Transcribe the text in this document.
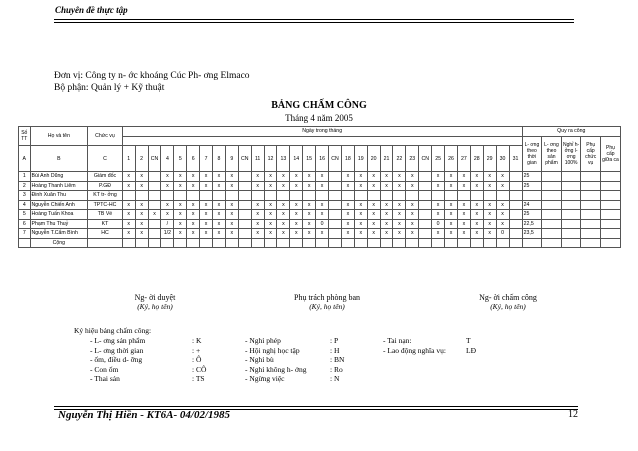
Chuyên đề thực tập
Đơn vị: Công ty n- ớc khoáng Cúc Ph- ơng Elmaco
Bộ phận: Quản lý + Kỹ thuật
BẢNG CHẤM CÔNG
Tháng 4 năm 2005
Số TT	Họ và tên	Chức vụ	Ngày trong tháng																															Quy ra công				
																																		L- ơng theo thời gian	L- ơng theo sản phẩm	Nghỉ h- ởng l- ơng 100%	Phụ cấp chức vụ	Phụ cấp giữa ca
A	B	C	1	2	CN	4	5	6	7	8	9	CN	11	12	13	14	15	16	CN	18	19	20	21	22	23	CN	25	26	27	28	29	30	31					
1	Bùi Anh Dũng	Giám đốc	x	x		x	x	x	x	x	x		x	x	x	x	x	x		x	x	x	x	x	x		x	x	x	x	x	x		25				
2	Hoàng Thanh Liêm	P.GĐ	x	x		x	x	x	x	x	x		x	x	x	x	x	x		x	x	x	x	x	x		x	x	x	x	x	x		25				
3	Đinh Xuân Thu	KT tr- ởng																																				
4	Nguyễn Chiến Anh	TPTC-HC	x	x		x	x	x	x	x	x		x	x	x	x	x	x		x	x	x	x	x	x		x	x	x	x	x	x		24				
5	Hoàng Tuấn Khoa	TB Vé	x	x	x	x	x	x	x	x	x		x	x	x	x	x	x		x	x	x	x	x	x		x	x	x	x	x	x		25				
6	Phạm Thu Thuỷ	KT	x	x		/	x	x	x	x	x		x	x	x	x	x	0		x	x	x	x	x	x		0	x	x	x	x	x		22,5				
7	Nguyễn T.Cẩm Bình	HC	x	x		1/2	x	x	x	x	x		x	x	x	x	x	x		x	x	x	x	x	x		x	x	x	x	x	0		23,5				
	Cộng																																					
Ng- ời duyệt
(Ký, họ tên)
Phụ trách phòng ban
(Ký, họ tên)
Ng- ời chấm công
(Ký, họ tên)
Ký hiệu bảng chấm công:
- L- ơng sản phẩm	: K
- L- ơng thời gian	: +
- ốm, điều d- ỡng	: Ô
- Con ốm	: CÔ
- Thai sản	: TS
- Nghỉ phép	: P
- Hội nghị học tập	: H
- Nghỉ bù	: BN
- Nghỉ không h- ởng	: Ro
- Ngừng việc	: N
- Tai nạn:	T
- Lao động nghĩa vụ:	LĐ
Nguyễn Thị Hiền - KT6A- 04/02/1985	12
